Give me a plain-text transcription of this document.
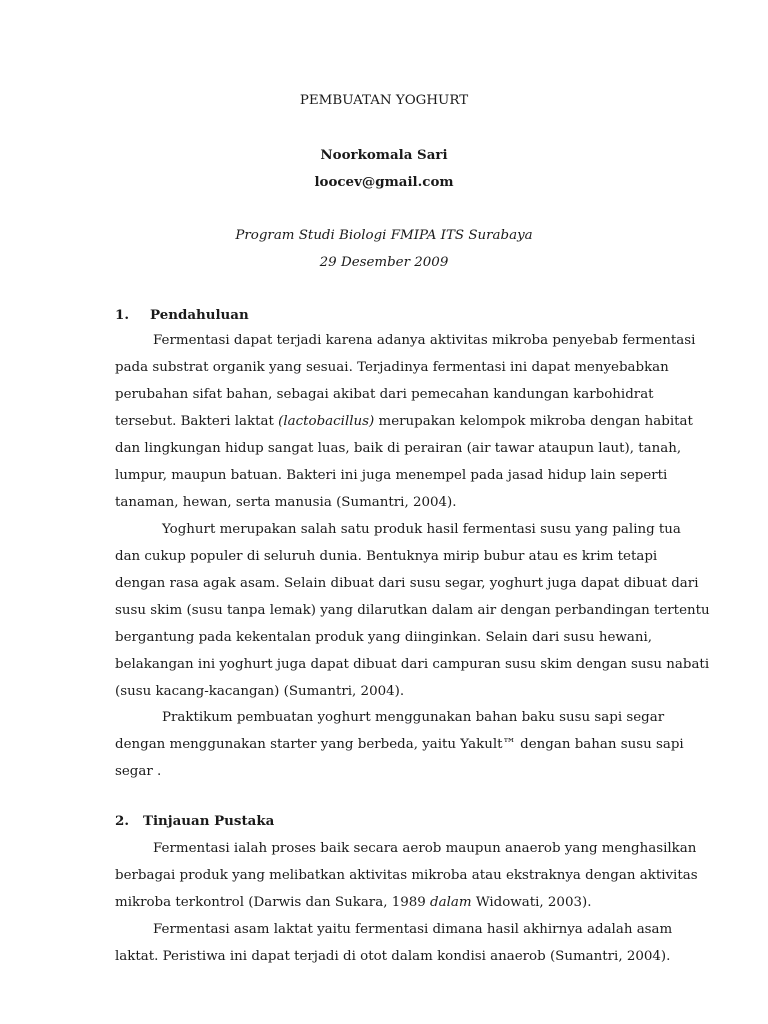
PEMBUATAN YOGHURT
Noorkomala Sari
loocev@gmail.com
Program Studi Biologi FMIPA ITS Surabaya
29 Desember 2009
1. Pendahuluan
Fermentasi dapat terjadi karena adanya aktivitas mikroba penyebab fermentasi
pada substrat organik yang sesuai. Terjadinya fermentasi ini dapat menyebabkan
perubahan sifat bahan, sebagai akibat dari pemecahan kandungan karbohidrat
tersebut. Bakteri laktat (lactobacillus) merupakan kelompok mikroba dengan habitat
dan lingkungan hidup sangat luas, baik di perairan (air tawar ataupun laut), tanah,
lumpur, maupun batuan. Bakteri ini juga menempel pada jasad hidup lain seperti
tanaman, hewan, serta manusia (Sumantri, 2004).
Yoghurt merupakan salah satu produk hasil fermentasi susu yang paling tua
dan cukup populer di seluruh dunia. Bentuknya mirip bubur atau es krim tetapi
dengan rasa agak asam. Selain dibuat dari susu segar, yoghurt juga dapat dibuat dari
susu skim (susu tanpa lemak) yang dilarutkan dalam air dengan perbandingan tertentu
bergantung pada kekentalan produk yang diinginkan. Selain dari susu hewani,
belakangan ini yoghurt juga dapat dibuat dari campuran susu skim dengan susu nabati
(susu kacang-kacangan) (Sumantri, 2004).
Praktikum pembuatan yoghurt menggunakan bahan baku susu sapi segar
dengan menggunakan starter yang berbeda, yaitu Yakult™ dengan bahan susu sapi
segar .
2. Tinjauan Pustaka
Fermentasi ialah proses baik secara aerob maupun anaerob yang menghasilkan
berbagai produk yang melibatkan aktivitas mikroba atau ekstraknya dengan aktivitas
mikroba terkontrol (Darwis dan Sukara, 1989 dalam Widowati, 2003).
Fermentasi asam laktat yaitu fermentasi dimana hasil akhirnya adalah asam
laktat. Peristiwa ini dapat terjadi di otot dalam kondisi anaerob (Sumantri, 2004).
